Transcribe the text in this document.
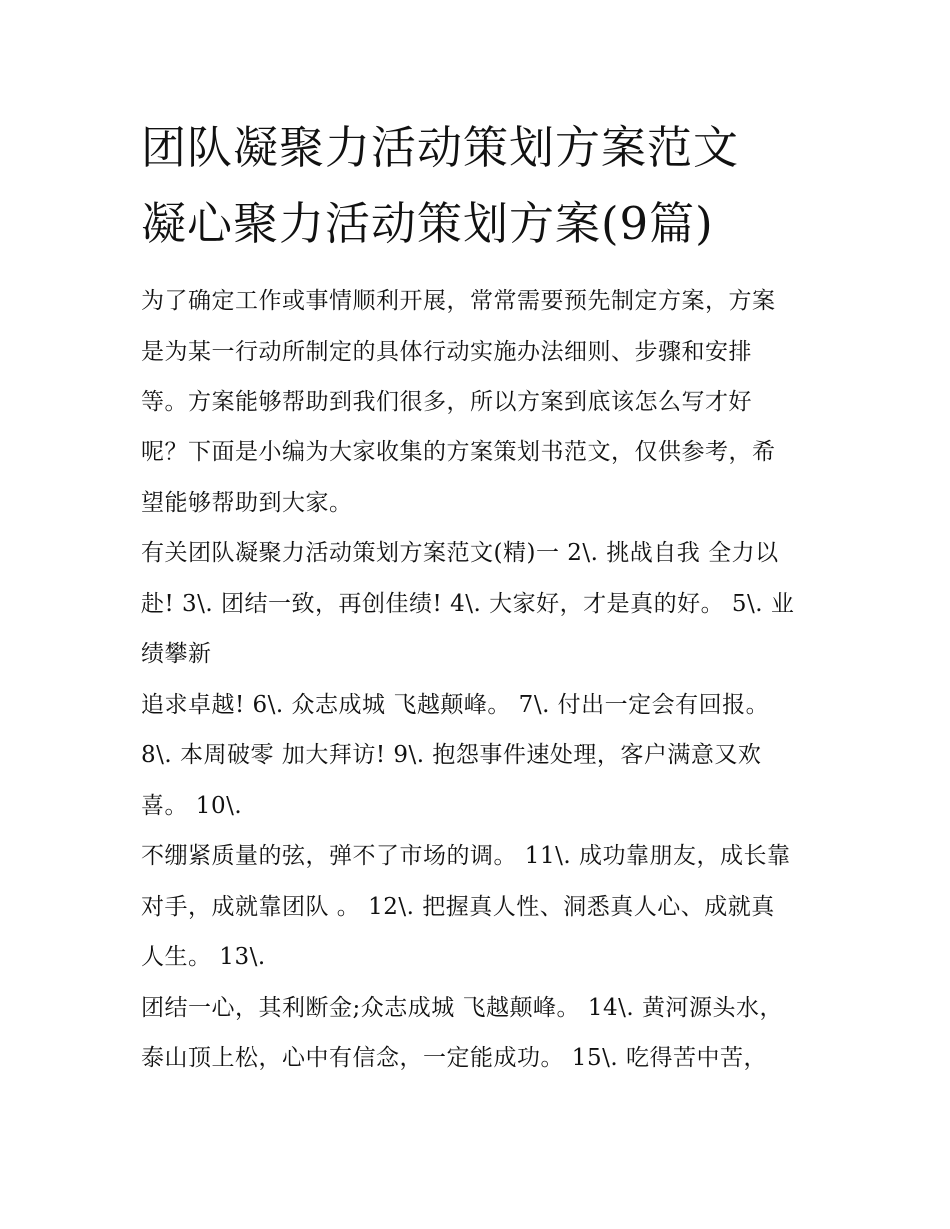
团队凝聚力活动策划方案范文
凝心聚力活动策划方案(9篇)

为了确定工作或事情顺利开展，常常需要预先制定方案，方案

是为某一行动所制定的具体行动实施办法细则、步骤和安排

等。方案能够帮助到我们很多，所以方案到底该怎么写才好

呢？下面是小编为大家收集的方案策划书范文，仅供参考，希

望能够帮助到大家。

有关团队凝聚力活动策划方案范文(精)一 2\. 挑战自我 全力以

赴! 3\. 团结一致，再创佳绩! 4\. 大家好，才是真的好。 5\. 业

绩攀新

追求卓越! 6\. 众志成城 飞越颠峰。 7\. 付出一定会有回报。

8\. 本周破零 加大拜访! 9\. 抱怨事件速处理，客户满意又欢

喜。 10\.

不绷紧质量的弦，弹不了市场的调。 11\. 成功靠朋友，成长靠

对手，成就靠团队 。 12\. 把握真人性、洞悉真人心、成就真

人生。 13\.

团结一心，其利断金;众志成城 飞越颠峰。 14\. 黄河源头水，

泰山顶上松，心中有信念，一定能成功。 15\. 吃得苦中苦，
